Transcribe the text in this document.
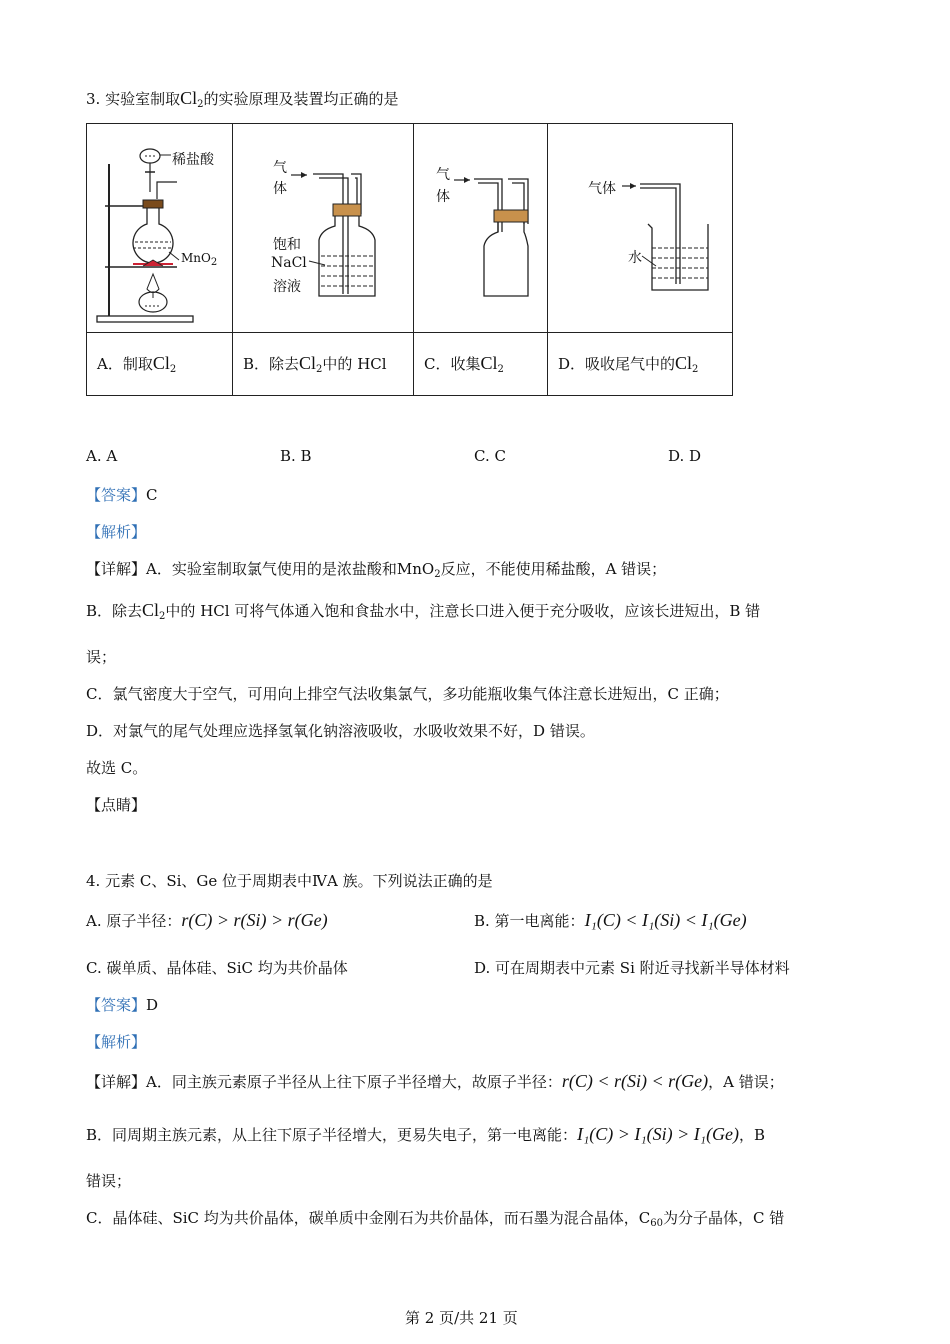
3. 实验室制取$Cl_2$的实验原理及装置均正确的是
稀盐酸
MnO$_2$	气
体
饱和
NaCl
溶液	气
体	气体
水

A．制取$Cl_2$	B．除去$Cl_2$中的 HCl	C．收集$Cl_2$	D．吸收尾气中的$Cl_2$
A. A	B. B	C. C	D. D
【答案】C
【解析】
【详解】A．实验室制取氯气使用的是浓盐酸和MnO$_2$反应，不能使用稀盐酸，A 错误；
B．除去$Cl_2$中的 HCl 可将气体通入饱和食盐水中，注意长口进入便于充分吸收，应该长进短出，B 错
误；
C．氯气密度大于空气，可用向上排空气法收集氯气，多功能瓶收集气体注意长进短出，C 正确；
D．对氯气的尾气处理应选择氢氧化钠溶液吸收，水吸收效果不好，D 错误。
故选 C。
【点睛】
4. 元素 C、Si、Ge 位于周期表中ⅣA 族。下列说法正确的是
A. 原子半径：r(C) > r(Si) > r(Ge)	B. 第一电离能：I₁(C) < I₁(Si) < I₁(Ge)
C. 碳单质、晶体硅、SiC 均为共价晶体	D. 可在周期表中元素 Si 附近寻找新半导体材料
【答案】D
【解析】
【详解】A．同主族元素原子半径从上往下原子半径增大，故原子半径：r(C) < r(Si) < r(Ge)，A 错误；
B．同周期主族元素，从上往下原子半径增大，更易失电子，第一电离能：I₁(C) > I₁(Si) > I₁(Ge)，B
错误；
C．晶体硅、SiC 均为共价晶体，碳单质中金刚石为共价晶体，而石墨为混合晶体，$C_{60}$为分子晶体，C 错
第 2 页/共 21 页
